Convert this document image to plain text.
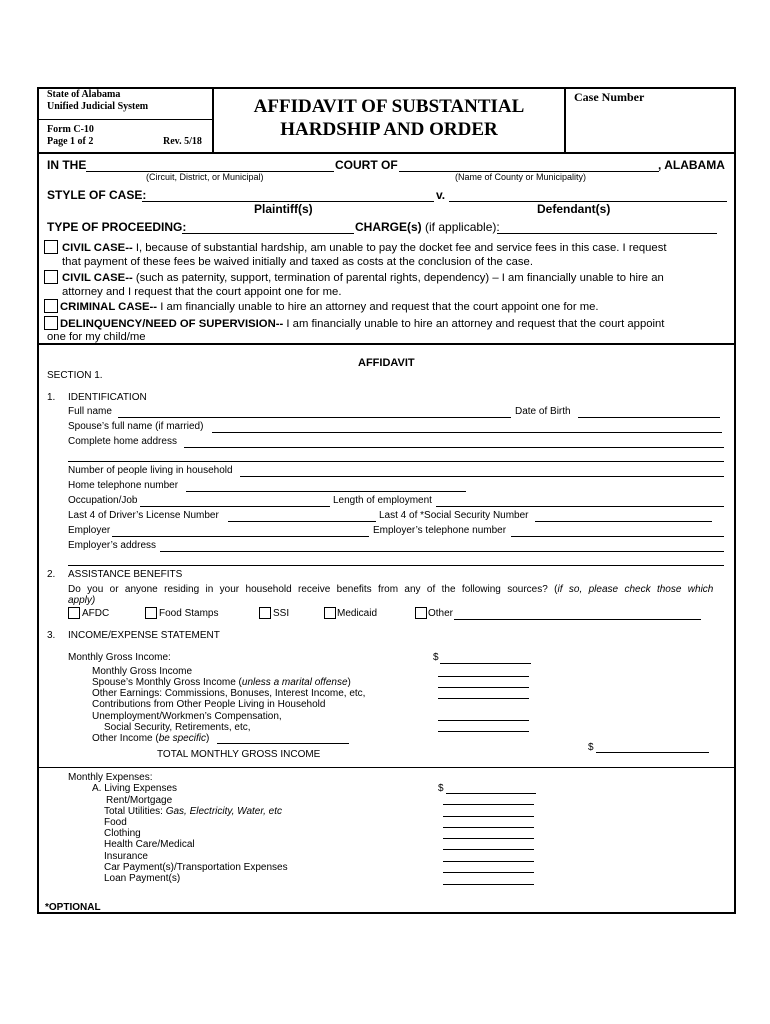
State of Alabama
Unified Judicial System
Form C-10
Page 1 of 2	Rev. 5/18
AFFIDAVIT OF SUBSTANTIAL
HARDSHIP AND ORDER
Case Number
IN THE	COURT OF	, ALABAMA
(Circuit, District, or Municipal)	(Name of County or Municipality)
STYLE OF CASE:	v.
Plaintiff(s)	Defendant(s)
TYPE OF PROCEEDING:	CHARGE(s) (if applicable):
CIVIL CASE-- I, because of substantial hardship, am unable to pay the docket fee and service fees in this case. I request
that payment of these fees be waived initially and taxed as costs at the conclusion of the case.
CIVIL CASE-- (such as paternity, support, termination of parental rights, dependency) – I am financially unable to hire an
attorney and I request that the court appoint one for me.
CRIMINAL CASE-- I am financially unable to hire an attorney and request that the court appoint one for me.
DELINQUENCY/NEED OF SUPERVISION-- I am financially unable to hire an attorney and request that the court appoint
one for my child/me
AFFIDAVIT
SECTION 1.
1. IDENTIFICATION
Full name	Date of Birth
Spouse’s full name (if married)
Complete home address
Number of people living in household
Home telephone number
Occupation/Job	Length of employment
Last 4 of Driver’s License Number	Last 4 of *Social Security Number
Employer	Employer’s telephone number
Employer’s address
2. ASSISTANCE BENEFITS
Do you or anyone residing in your household receive benefits from any of the following sources? (if so, please check those which
apply)
AFDC	Food Stamps	SSI	Medicaid	Other
3. INCOME/EXPENSE STATEMENT
Monthly Gross Income:	$
Monthly Gross Income
Spouse’s Monthly Gross Income (unless a marital offense)
Other Earnings: Commissions, Bonuses, Interest Income, etc,
Contributions from Other People Living in Household
Unemployment/Workmen’s Compensation,
Social Security, Retirements, etc,
Other Income (be specific)
$
TOTAL MONTHLY GROSS INCOME
Monthly Expenses:
A. Living Expenses	$
Rent/Mortgage
Total Utilities: Gas, Electricity, Water, etc
Food
Clothing
Health Care/Medical
Insurance
Car Payment(s)/Transportation Expenses
Loan Payment(s)
*OPTIONAL
